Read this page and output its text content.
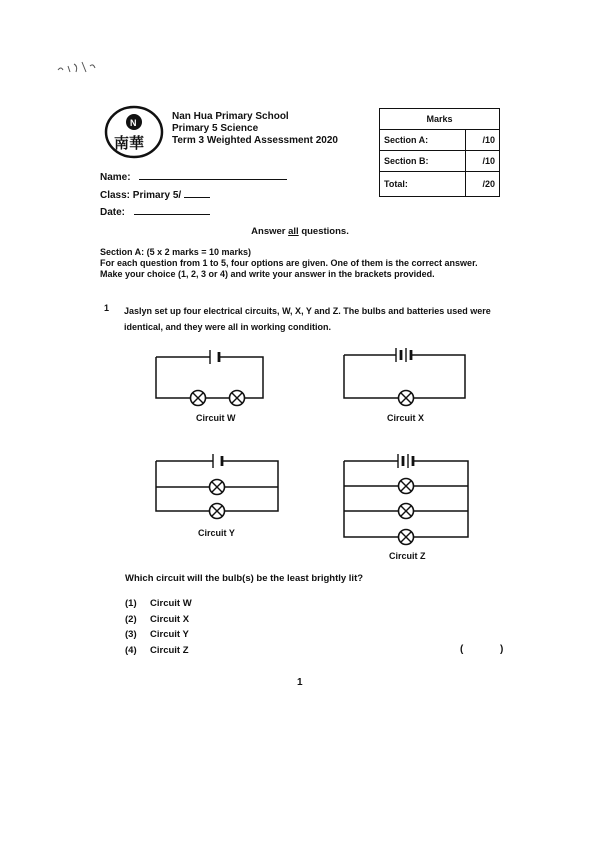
N
南華
Nan Hua Primary School
Primary 5 Science
Term 3 Weighted Assessment 2020
Marks	
Section A:	/10
Section B:	/10
Total:	/20
Name:
Class: Primary 5/
Date:
Answer all questions.
Section A: (5 x 2 marks = 10 marks)
For each question from 1 to 5, four options are given. One of them is the correct answer.
Make your choice (1, 2, 3 or 4) and write your answer in the brackets provided.
1 Jaslyn set up four electrical circuits, W, X, Y and Z. The bulbs and batteries used were
identical, and they were all in working condition.
Circuit W	Circuit X
Circuit Y
Circuit Z
Which circuit will the bulb(s) be the least brightly lit?
(1) Circuit W
(2) Circuit X
(3) Circuit Y
(4) Circuit Z	(	)
1
